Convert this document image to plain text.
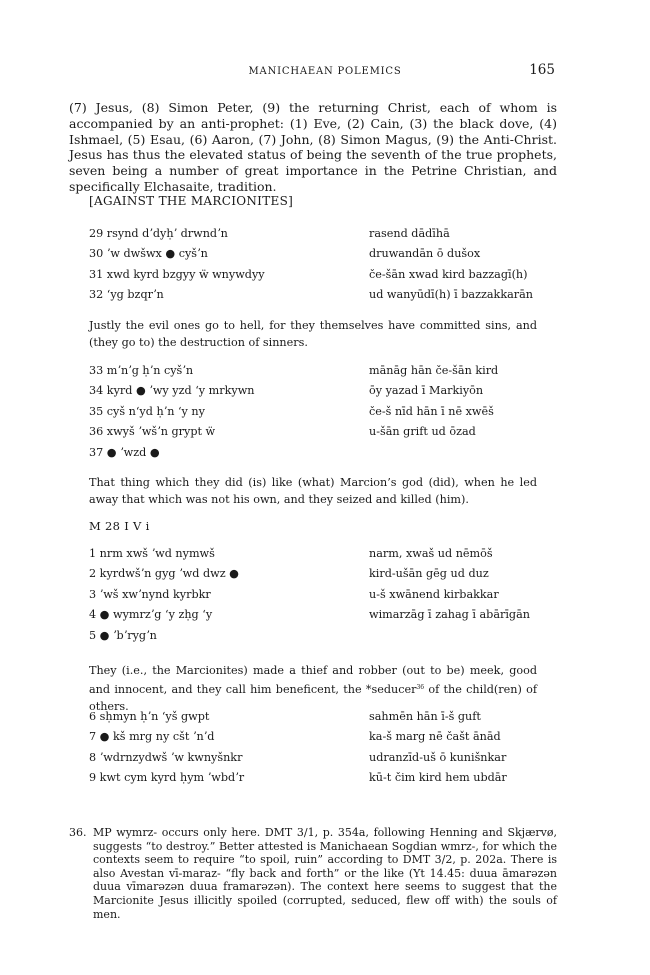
MANICHAEAN POLEMICS	165
(7) Jesus, (8) Simon Peter, (9) the returning Christ, each of whom is accompanied by an anti-prophet: (1) Eve, (2) Cain, (3) the black dove, (4) Ishmael, (5) Esau, (6) Aaron, (7) John, (8) Simon Magus, (9) the Anti-Christ. Jesus has thus the elevated status of being the seventh of the true prophets, seven being a number of great importance in the Petrine Christian, and specifically Elchasaite, tradition.
[AGAINST THE MARCIONITES]
29 rsynd dʼdyḥʼ drwndʼn	rasend dādīhā
30 ʼw dwšwx ● cyšʼn	druwandān ō dušox
31 xwd kyrd bzgyy ẅ wnywdyy	če-šān xwad kird bazzagī(h)
32 ʻyg bzqrʼn	ud wanyūdī(h) ī bazzakkarān
Justly the evil ones go to hell, for they themselves have committed sins, and (they go to) the destruction of sinners.
33 mʼnʼg ḥʼn cyšʼn	mānāg hān če-šān kird
34 kyrd ● ʼwy yzd ʻy mrkywn	ōy yazad ī Markiyōn
35 cyš nʻyd ḥʼn ʻy ny	če-š nīd hān ī nē xwēš
36 xwyš ʼwšʼn grypt ẅ	u-šān grift ud ōzad
37 ● ʼwzd ●
That thing which they did (is) like (what) Marcion’s god (did), when he led away that which was not his own, and they seized and killed (him).
M 28 I V i
1 nrm xwš ʼwd nymwš	narm, xwaš ud nēmōš
2 kyrdwšʼn gyg ʼwd dwz ●	kird-ušān gēg ud duz
3 ʼwš xwʼnynd kyrbkr	u-š xwānend kirbakkar
4 ● wymrzʼg ʻy zḥg ʻy	wimarzāg ī zahag ī abārīgān
5 ● ʼbʼrygʼn
They (i.e., the Marcionites) made a thief and robber (out to be) meek, good and innocent, and they call him beneficent, the *seducer$^{36}$ of the child(ren) of others.
6 sḥmyn ḥʼn ʻyš gwpt	sahmēn hān ī-š guft
7 ● kš mrg ny cšt ʼnʼd	ka-š marg nē čašt ānād
8 ʼwdrnzydwš ʼw kwnyšnkr	udranzīd-uš ō kunišnkar
9 kwt cym kyrd ḥym ʼwbdʼr	kū-t čim kird hem ubdār
36. MP wymrz- occurs only here. DMT 3/1, p. 354a, following Henning and Skjærvø, suggests “to destroy.” Better attested is Manichaean Sogdian wmrz-, for which the contexts seem to require “to spoil, ruin” according to DMT 3/2, p. 202a. There is also Avestan vī-maraz- “fly back and forth” or the like (Yt 14.45: duua āmarəzən duua vīmarəzən duua framarəzən). The context here seems to suggest that the Marcionite Jesus illicitly spoiled (corrupted, seduced, flew off with) the souls of men.
